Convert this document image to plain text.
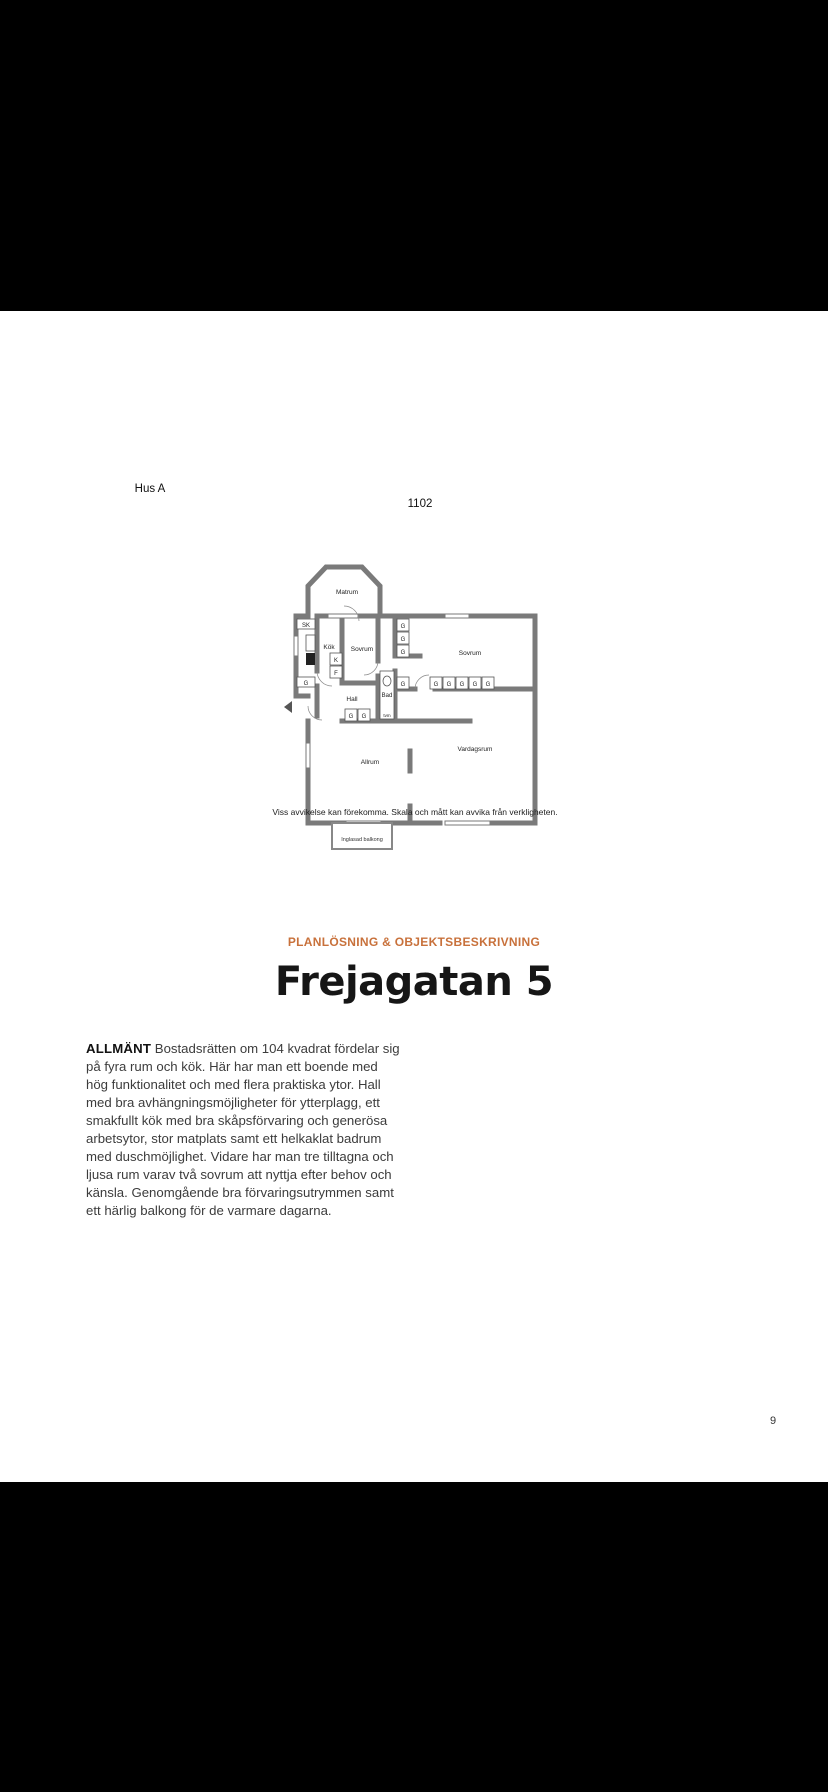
Hus A
1102
Inglasad balkong
SK
G
K
F
G
G
G
G	G G G G G
G G
Bad
tvm
Matrum
Kök Sovrum
Sovrum
Hall
Allrum
Vardagsrum
Viss avvikelse kan förekomma. Skala och mått kan avvika från verkligheten.
PLANLÖSNING & OBJEKTSBESKRIVNING
Frejagatan 5
ALLMÄNT Bostadsrätten om 104 kvadrat fördelar sig på fyra rum och kök. Här har man ett boende med hög funktionalitet och med flera praktiska ytor. Hall med bra avhängningsmöjligheter för ytterplagg, ett smakfullt kök med bra skåpsförvaring och generösa arbetsytor, stor matplats samt ett helkaklat badrum med duschmöjlighet. Vidare har man tre tilltagna och ljusa rum varav två sovrum att nyttja efter behov och känsla. Genomgående bra förvaringsutrymmen samt ett härlig balkong för de varmare dagarna.
9
